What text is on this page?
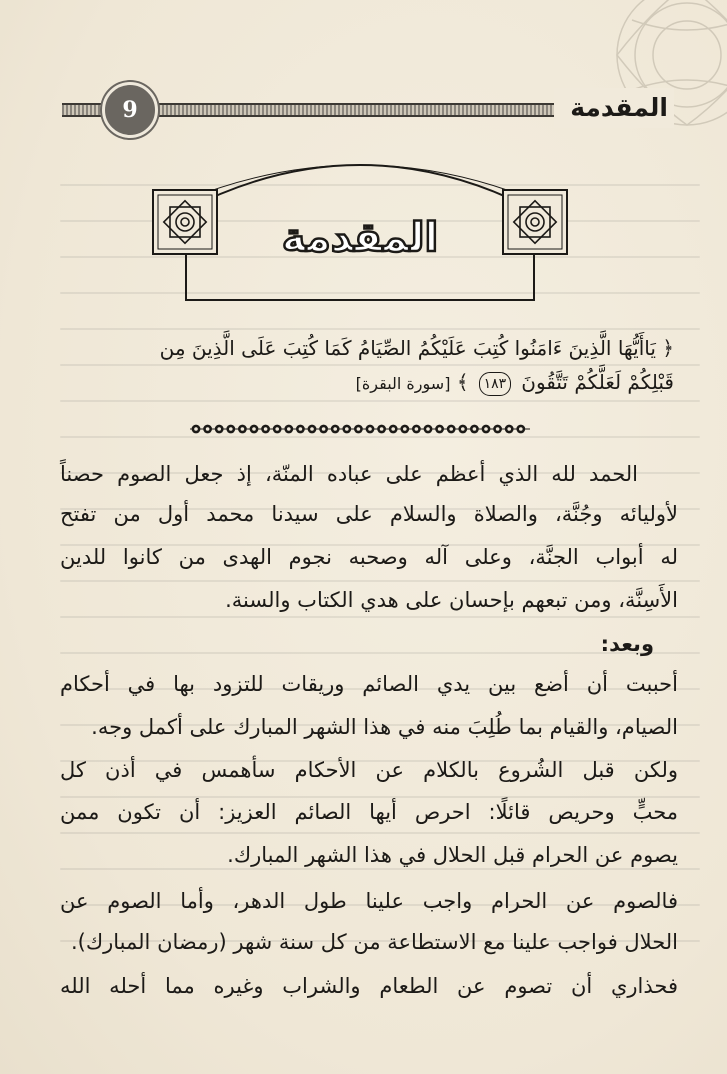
9	المقدمة
المقدمة
﴿ يَاأَيُّهَا الَّذِينَ ءَامَنُوا كُتِبَ عَلَيْكُمُ الصِّيَامُ كَمَا كُتِبَ عَلَى الَّذِينَ مِن
قَبْلِكُمْ لَعَلَّكُمْ تَتَّقُونَ ١٨٣ ﴾ [سورة البقرة]
الحمد لله الذي أعظم على عباده المنّة، إذ جعل الصوم حصناً
لأوليائه وجُنَّة، والصلاة والسلام على سيدنا محمد أول من تفتح
له أبواب الجنَّة، وعلى آله وصحبه نجوم الهدى من كانوا للدين
الأَسِنَّة، ومن تبعهم بإحسان على هدي الكتاب والسنة.
وبعد:
أحببت أن أضع بين يدي الصائم وريقات للتزود بها في أحكام
الصيام، والقيام بما طُلِبَ منه في هذا الشهر المبارك على أكمل وجه.
ولكن قبل الشُروع بالكلام عن الأحكام سأهمس في أذن كل
محبٍّ وحريص قائلًا: احرص أيها الصائم العزيز: أن تكون ممن
يصوم عن الحرام قبل الحلال في هذا الشهر المبارك.
فالصوم عن الحرام واجب علينا طول الدهر، وأما الصوم عن
الحلال فواجب علينا مع الاستطاعة من كل سنة شهر (رمضان المبارك).
فحذاري أن تصوم عن الطعام والشراب وغيره مما أحله الله
